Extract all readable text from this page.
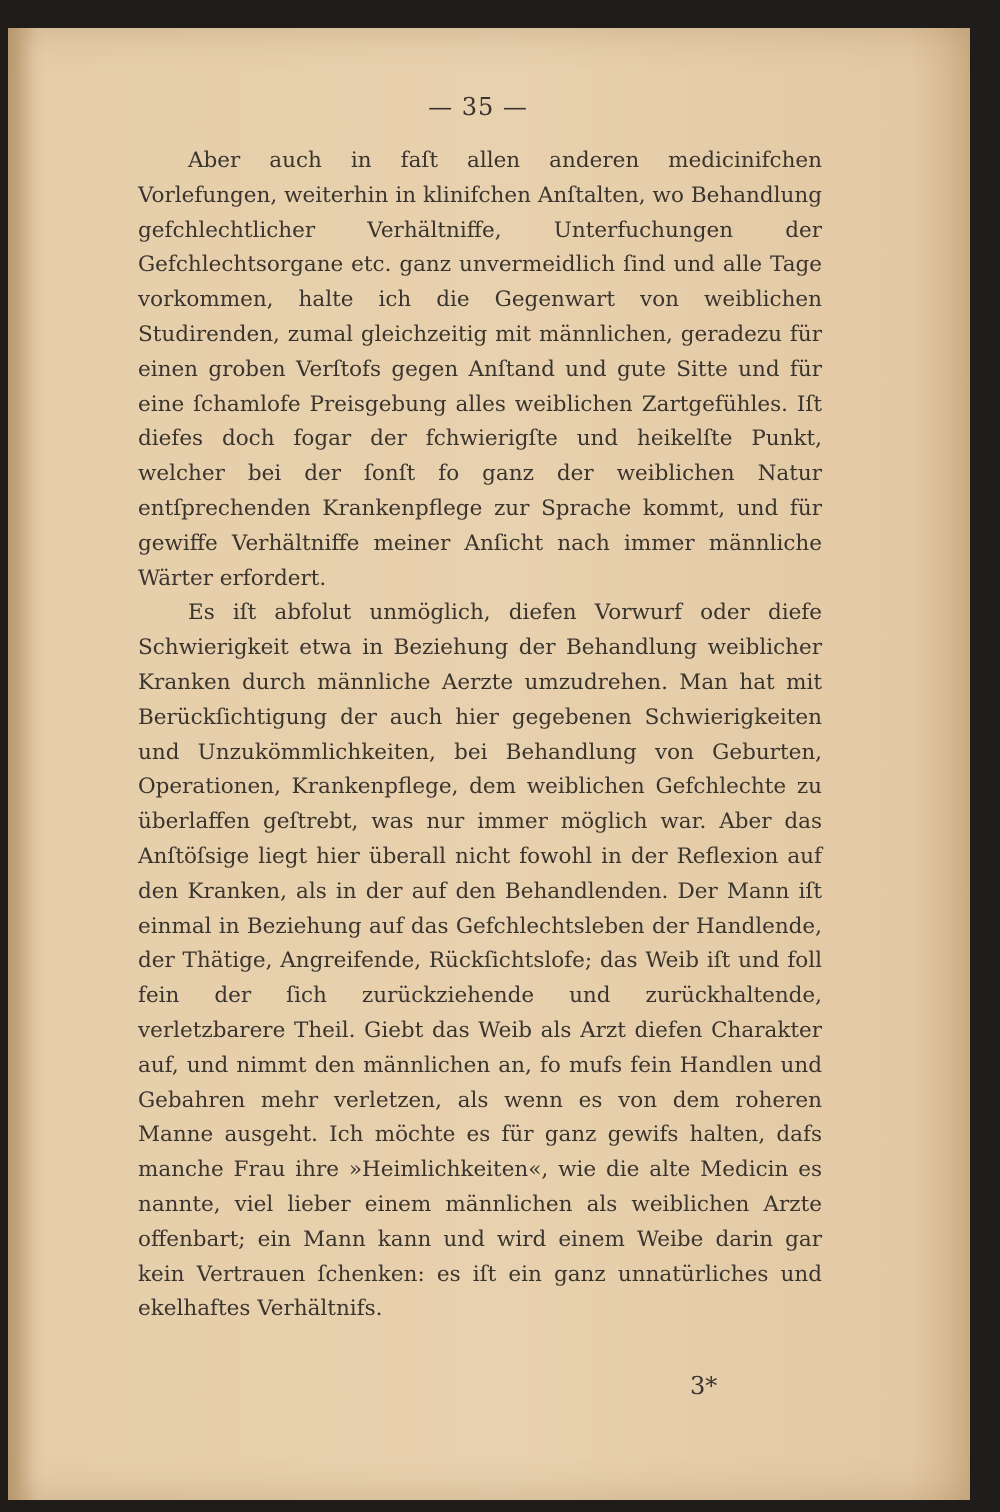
— 35 —

Aber auch in faſt allen anderen medicinifchen Vorlefungen, weiterhin in klinifchen Anſtalten, wo Behandlung gefchlechtlicher Verhältniffe, Unterfuchungen der Gefchlechtsorgane etc. ganz unvermeidlich ſind und alle Tage vorkommen, halte ich die Gegenwart von weiblichen Studirenden, zumal gleichzeitig mit männlichen, geradezu für einen groben Verſtofs gegen Anſtand und gute Sitte und für eine ſchamlofe Preisgebung alles weiblichen Zartgefühles. Iſt diefes doch fogar der fchwierigſte und heikelſte Punkt, welcher bei der ſonſt fo ganz der weiblichen Natur entſprechenden Krankenpflege zur Sprache kommt, und für gewiffe Verhältniffe meiner Anſicht nach immer männliche Wärter erfordert.

Es iſt abfolut unmöglich, diefen Vorwurf oder diefe Schwierigkeit etwa in Beziehung der Behandlung weiblicher Kranken durch männliche Aerzte umzudrehen. Man hat mit Berückſichtigung der auch hier gegebenen Schwierigkeiten und Unzukömmlichkeiten, bei Behandlung von Geburten, Operationen, Krankenpflege, dem weiblichen Gefchlechte zu überlaffen geſtrebt, was nur immer möglich war. Aber das Anſtöſsige liegt hier überall nicht fowohl in der Reflexion auf den Kranken, als in der auf den Behandlenden. Der Mann iſt einmal in Beziehung auf das Gefchlechtsleben der Handlende, der Thätige, Angreifende, Rückſichtslofe; das Weib iſt und foll fein der ſich zurückziehende und zurückhaltende, verletzbarere Theil. Giebt das Weib als Arzt diefen Charakter auf, und nimmt den männlichen an, fo mufs fein Handlen und Gebahren mehr verletzen, als wenn es von dem roheren Manne ausgeht. Ich möchte es für ganz gewifs halten, dafs manche Frau ihre »Heimlichkeiten«, wie die alte Medicin es nannte, viel lieber einem männlichen als weiblichen Arzte offenbart; ein Mann kann und wird einem Weibe darin gar kein Vertrauen ſchenken: es iſt ein ganz unnatürliches und ekelhaftes Verhältnifs.

3*
